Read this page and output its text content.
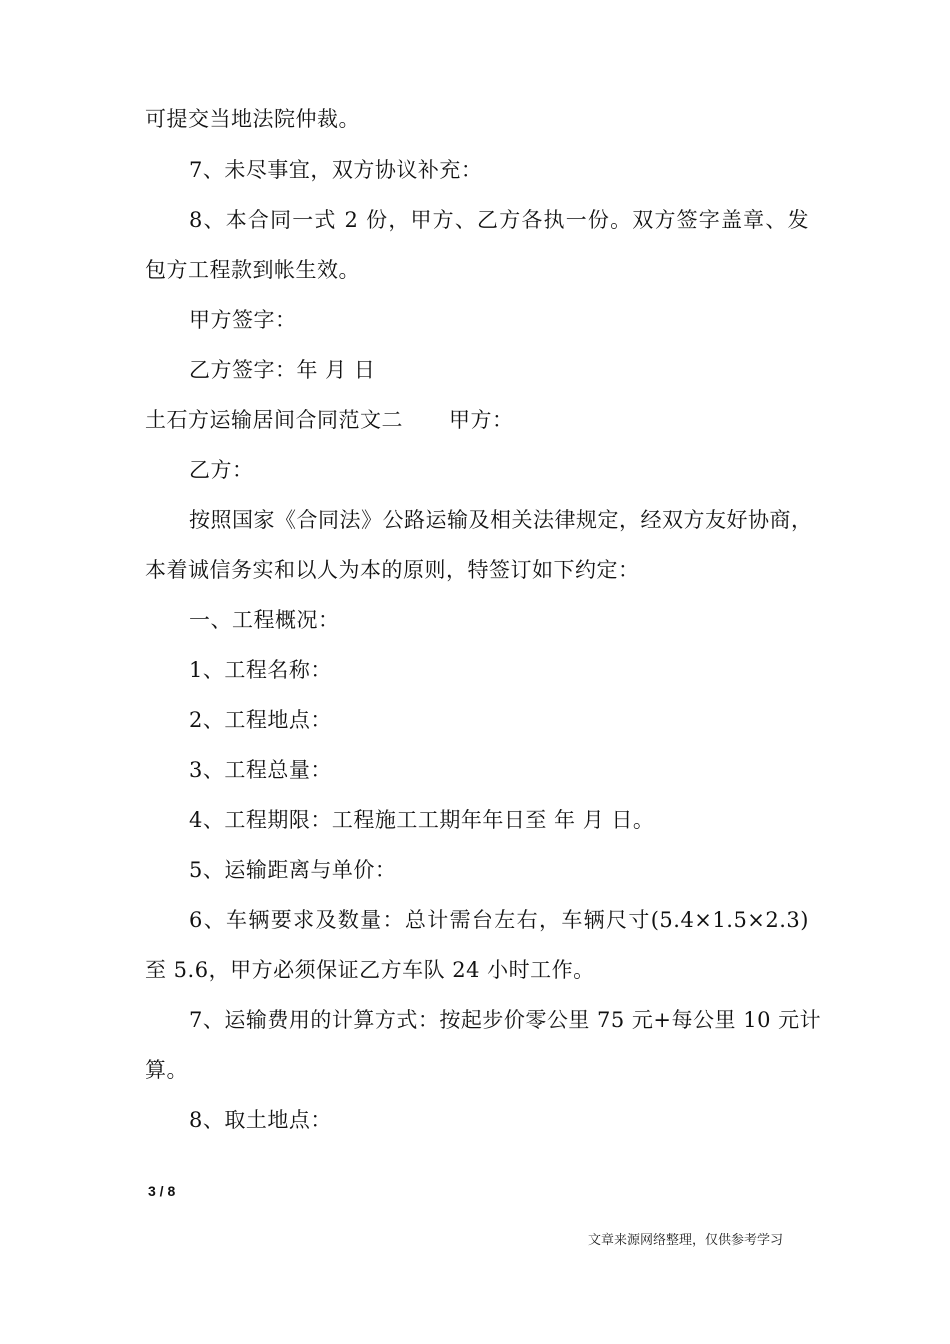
可提交当地法院仲裁。
7、未尽事宜，双方协议补充：
8、本合同一式 2 份，甲方、乙方各执一份。双方签字盖章、发
包方工程款到帐生效。
甲方签字：
乙方签字：年 月 日
土石方运输居间合同范文二 甲方：
乙方：
按照国家《合同法》公路运输及相关法律规定，经双方友好协商，
本着诚信务实和以人为本的原则，特签订如下约定：
一、工程概况：
1、工程名称：
2、工程地点：
3、工程总量：
4、工程期限：工程施工工期年年日至 年 月 日。
5、运输距离与单价：
6、车辆要求及数量：总计需台左右，车辆尺寸(5.4×1.5×2.3)
至 5.6，甲方必须保证乙方车队 24 小时工作。
7、运输费用的计算方式：按起步价零公里 75 元+每公里 10 元计
算。
8、取土地点：
3 / 8
文章来源网络整理，仅供参考学习
